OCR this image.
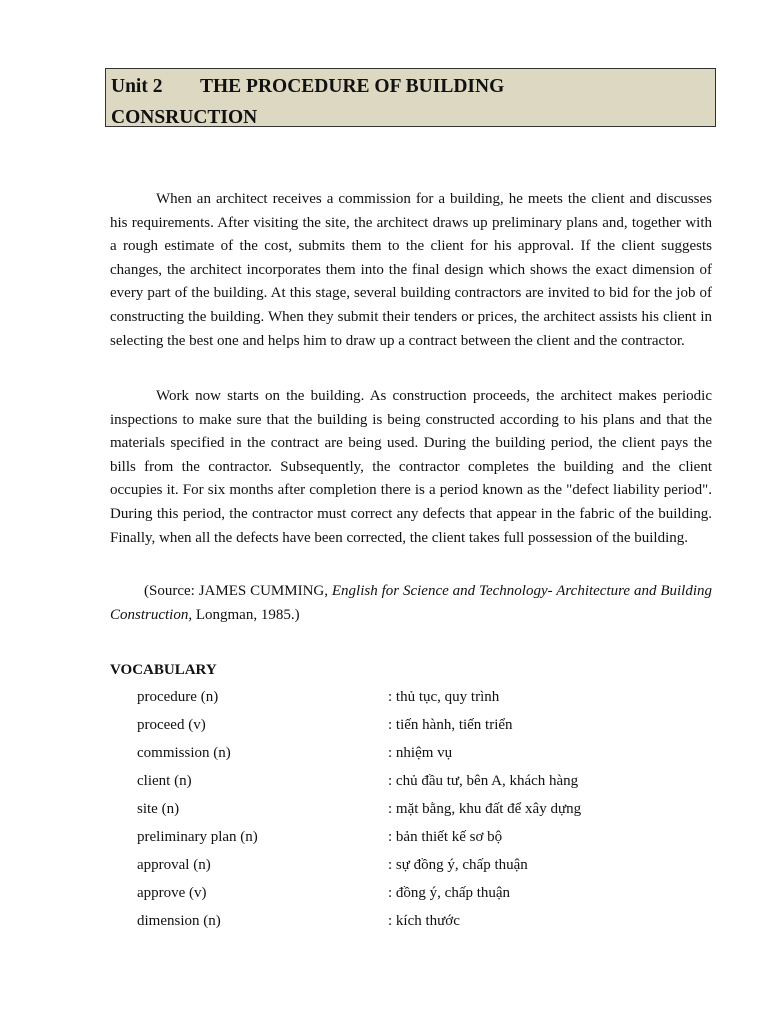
Unit 2 THE PROCEDURE OF BUILDING
CONSRUCTION
When an architect receives a commission for a building, he meets the client and discusses his requirements. After visiting the site, the architect draws up preliminary plans and, together with a rough estimate of the cost, submits them to the client for his approval. If the client suggests changes, the architect incorporates them into the final design which shows the exact dimension of every part of the building. At this stage, several building contractors are invited to bid for the job of constructing the building. When they submit their tenders or prices, the architect assists his client in selecting the best one and helps him to draw up a contract between the client and the contractor.
Work now starts on the building. As construction proceeds, the architect makes periodic inspections to make sure that the building is being constructed according to his plans and that the materials specified in the contract are being used. During the building period, the client pays the bills from the contractor. Subsequently, the contractor completes the building and the client occupies it. For six months after completion there is a period known as the "defect liability period". During this period, the contractor must correct any defects that appear in the fabric of the building. Finally, when all the defects have been corrected, the client takes full possession of the building.
(Source: JAMES CUMMING, English for Science and Technology- Architecture and Building Construction, Longman, 1985.)
VOCABULARY
procedure (n)	: thủ tục, quy trình
proceed (v)	: tiến hành, tiến triển
commission (n)	: nhiệm vụ
client (n)	: chủ đầu tư, bên A, khách hàng
site (n)	: mặt bằng, khu đất để xây dựng
preliminary plan (n)	: bản thiết kế sơ bộ
approval (n)	: sự đồng ý, chấp thuận
approve (v)	: đồng ý, chấp thuận
dimension (n)	: kích thước
